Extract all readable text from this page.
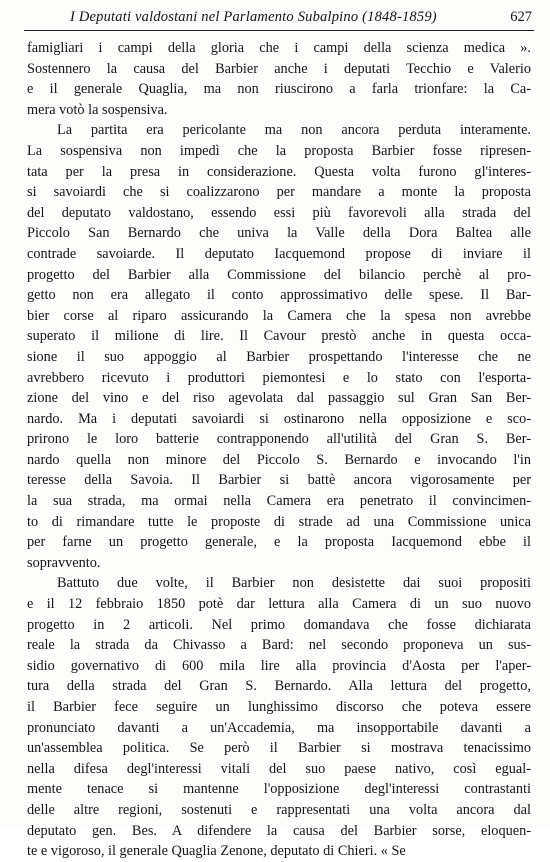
I Deputati valdostani nel Parlamento Subalpino (1848-1859)	627
famigliari i campi della gloria che i campi della scienza medica ».
Sostennero la causa del Barbier anche i deputati Tecchio e Valerio
e il generale Quaglia, ma non riuscirono a farla trionfare: la Ca-
mera votò la sospensiva.
La partita era pericolante ma non ancora perduta interamente.
La sospensiva non impedì che la proposta Barbier fosse ripresen-
tata per la presa in considerazione. Questa volta furono gl'interes-
si savoiardi che si coalizzarono per mandare a monte la proposta
del deputato valdostano, essendo essi più favorevoli alla strada del
Piccolo San Bernardo che univa la Valle della Dora Baltea alle
contrade savoiarde. Il deputato Iacquemond propose di inviare il
progetto del Barbier alla Commissione del bilancio perchè al pro-
getto non era allegato il conto approssimativo delle spese. Il Bar-
bier corse al riparo assicurando la Camera che la spesa non avrebbe
superato il milione di lire. Il Cavour prestò anche in questa occa-
sione il suo appoggio al Barbier prospettando l'interesse che ne
avrebbero ricevuto i produttori piemontesi e lo stato con l'esporta-
zione del vino e del riso agevolata dal passaggio sul Gran San Ber-
nardo. Ma i deputati savoiardi si ostinarono nella opposizione e sco-
prirono le loro batterie contrapponendo all'utilità del Gran S. Ber-
nardo quella non minore del Piccolo S. Bernardo e invocando l'in
teresse della Savoia. Il Barbier si battè ancora vigorosamente per
la sua strada, ma ormai nella Camera era penetrato il convincimen-
to di rimandare tutte le proposte di strade ad una Commissione unica
per farne un progetto generale, e la proposta Iacquemond ebbe il
sopravvento.
Battuto due volte, il Barbier non desistette dai suoi propositi
e il 12 febbraio 1850 potè dar lettura alla Camera di un suo nuovo
progetto in 2 articoli. Nel primo domandava che fosse dichiarata
reale la strada da Chivasso a Bard: nel secondo proponeva un sus-
sidio governativo di 600 mila lire alla provincia d'Aosta per l'aper-
tura della strada del Gran S. Bernardo. Alla lettura del progetto,
il Barbier fece seguire un lunghissimo discorso che poteva essere
pronunciato davanti a un'Accademia, ma insopportabile davanti a
un'assemblea politica. Se però il Barbier si mostrava tenacissimo
nella difesa degl'interessi vitali del suo paese nativo, così egual-
mente tenace si mantenne l'opposizione degl'interessi contrastanti
delle altre regioni, sostenuti e rappresentati una volta ancora dal
deputato gen. Bes. A difendere la causa del Barbier sorse, eloquen-
te e vigoroso, il generale Quaglia Zenone, deputato di Chieri. « Se
